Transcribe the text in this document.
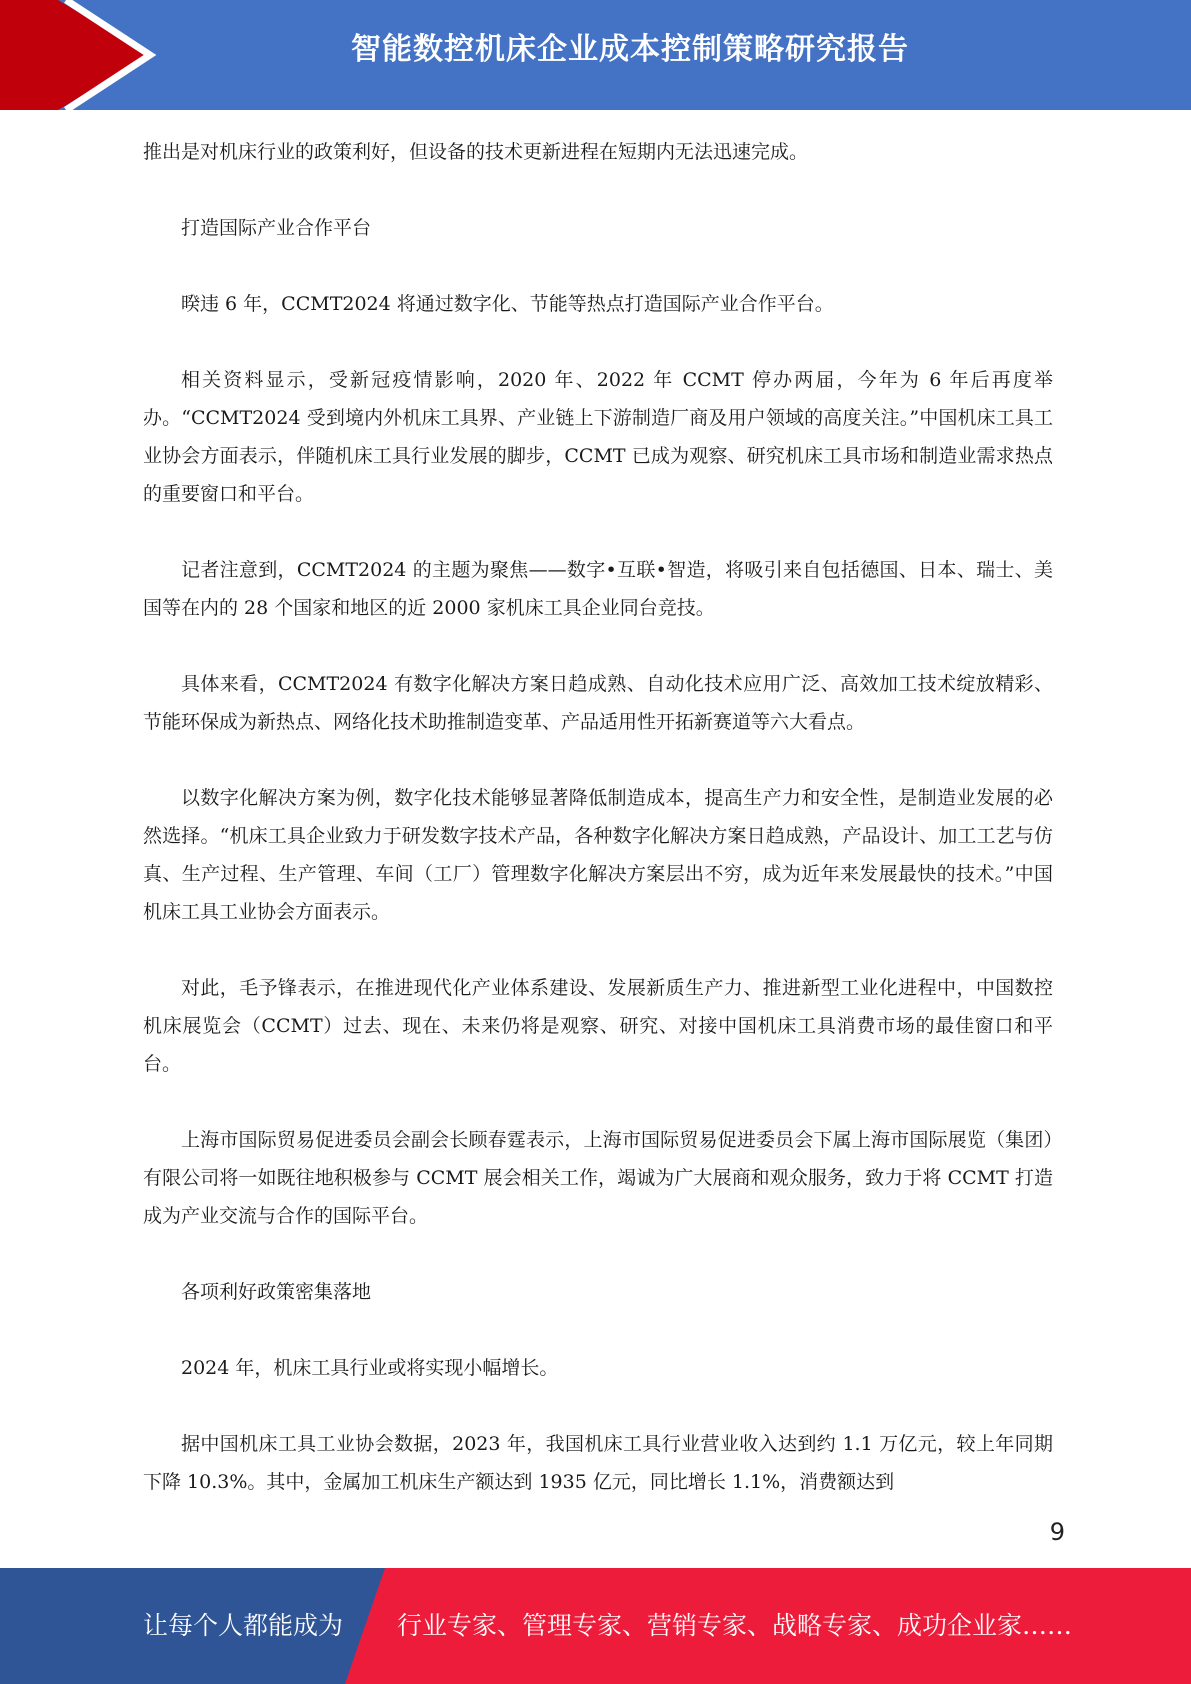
智能数控机床企业成本控制策略研究报告

推出是对机床行业的政策利好，但设备的技术更新进程在短期内无法迅速完成。

打造国际产业合作平台

暌违 6 年，CCMT2024 将通过数字化、节能等热点打造国际产业合作平台。

相关资料显示，受新冠疫情影响，2020 年、2022 年 CCMT 停办两届，今年为 6 年后再度举办。“CCMT2024 受到境内外机床工具界、产业链上下游制造厂商及用户领域的高度关注。”中国机床工具工业协会方面表示，伴随机床工具行业发展的脚步，CCMT 已成为观察、研究机床工具市场和制造业需求热点的重要窗口和平台。

记者注意到，CCMT2024 的主题为聚焦——数字•互联•智造，将吸引来自包括德国、日本、瑞士、美国等在内的 28 个国家和地区的近 2000 家机床工具企业同台竞技。

具体来看，CCMT2024 有数字化解决方案日趋成熟、自动化技术应用广泛、高效加工技术绽放精彩、节能环保成为新热点、网络化技术助推制造变革、产品适用性开拓新赛道等六大看点。

以数字化解决方案为例，数字化技术能够显著降低制造成本，提高生产力和安全性，是制造业发展的必然选择。“机床工具企业致力于研发数字技术产品，各种数字化解决方案日趋成熟，产品设计、加工工艺与仿真、生产过程、生产管理、车间（工厂）管理数字化解决方案层出不穷，成为近年来发展最快的技术。”中国机床工具工业协会方面表示。

对此，毛予锋表示，在推进现代化产业体系建设、发展新质生产力、推进新型工业化进程中，中国数控机床展览会（CCMT）过去、现在、未来仍将是观察、研究、对接中国机床工具消费市场的最佳窗口和平台。

上海市国际贸易促进委员会副会长顾春霆表示，上海市国际贸易促进委员会下属上海市国际展览（集团）有限公司将一如既往地积极参与 CCMT 展会相关工作，竭诚为广大展商和观众服务，致力于将 CCMT 打造成为产业交流与合作的国际平台。

各项利好政策密集落地

2024 年，机床工具行业或将实现小幅增长。

据中国机床工具工业协会数据，2023 年，我国机床工具行业营业收入达到约 1.1 万亿元，较上年同期下降 10.3%。其中，金属加工机床生产额达到 1935 亿元，同比增长 1.1%，消费额达到

9
让每个人都能成为 行业专家、管理专家、营销专家、战略专家、成功企业家……
